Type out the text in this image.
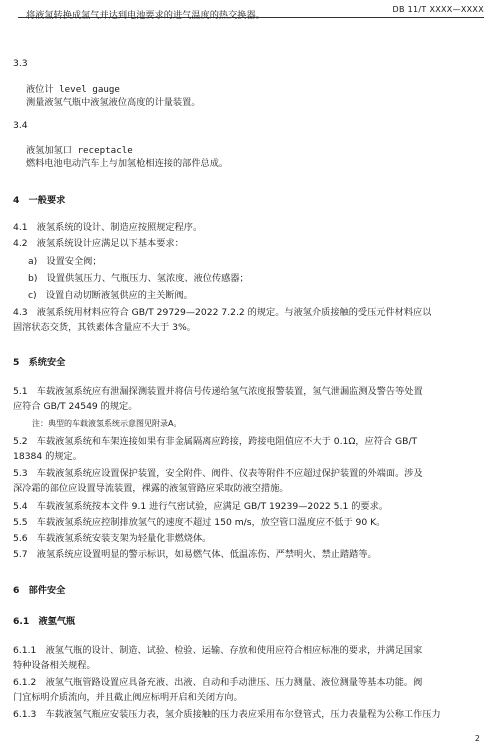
DB 11/T XXXX—XXXX
将液氢转换成氢气并达到电池要求的进气温度的热交换器。
3.3
液位计 level gauge
测量液氢气瓶中液氢液位高度的计量装置。
3.4
液氢加氢口 receptacle
燃料电池电动汽车上与加氢枪相连接的部件总成。
4　一般要求
4.1　液氢系统的设计、制造应按照规定程序。
4.2　液氢系统设计应满足以下基本要求：
a)　设置安全阀；
b)　设置供氢压力、气瓶压力、氢浓度、液位传感器；
c)　设置自动切断液氢供应的主关断阀。
4.3　液氢系统用材料应符合 GB/T 29729—2022 7.2.2 的规定。与液氢介质接触的受压元件材料应以
固溶状态交货，其铁素体含量应不大于 3%。
5　系统安全
5.1　车载液氢系统应有泄漏探测装置并将信号传递给氢气浓度报警装置，氢气泄漏监测及警告等处置
应符合 GB/T 24549 的规定。
注：典型的车载液氢系统示意图见附录A。
5.2　车载液氢系统和车架连接如果有非金属隔离应跨接，跨接电阻值应不大于 0.1Ω，应符合 GB/T
18384 的规定。
5.3　车载液氢系统应设置保护装置，安全附件、阀件、仪表等附件不应超过保护装置的外端面。涉及
深冷霜的部位应设置导流装置，裸露的液氢管路应采取防液空措施。
5.4　车载液氢系统按本文件 9.1 进行气密试验，应满足 GB/T 19239—2022 5.1 的要求。
5.5　车载液氢系统应控制排放氢气的速度不超过 150 m/s，放空管口温度应不低于 90 K。
5.6　车载液氢系统安装支架为轻量化非燃烧体。
5.7　液氢系统应设置明显的警示标识，如易燃气体、低温冻伤、严禁明火、禁止踏踏等。
6　部件安全
6.1　液氢气瓶
6.1.1　液氢气瓶的设计、制造、试验、检验、运输、存放和使用应符合相应标准的要求，并满足国家
特种设备相关规程。
6.1.2　液氢气瓶管路设置应具备充液、出液、自动和手动泄压、压力测量、液位测量等基本功能。阀
门宜标明介质流向，并且截止阀应标明开启和关闭方向。
6.1.3　车载液氢气瓶应安装压力表，氢介质接触的压力表应采用布尔登管式，压力表量程为公称工作压力
2
